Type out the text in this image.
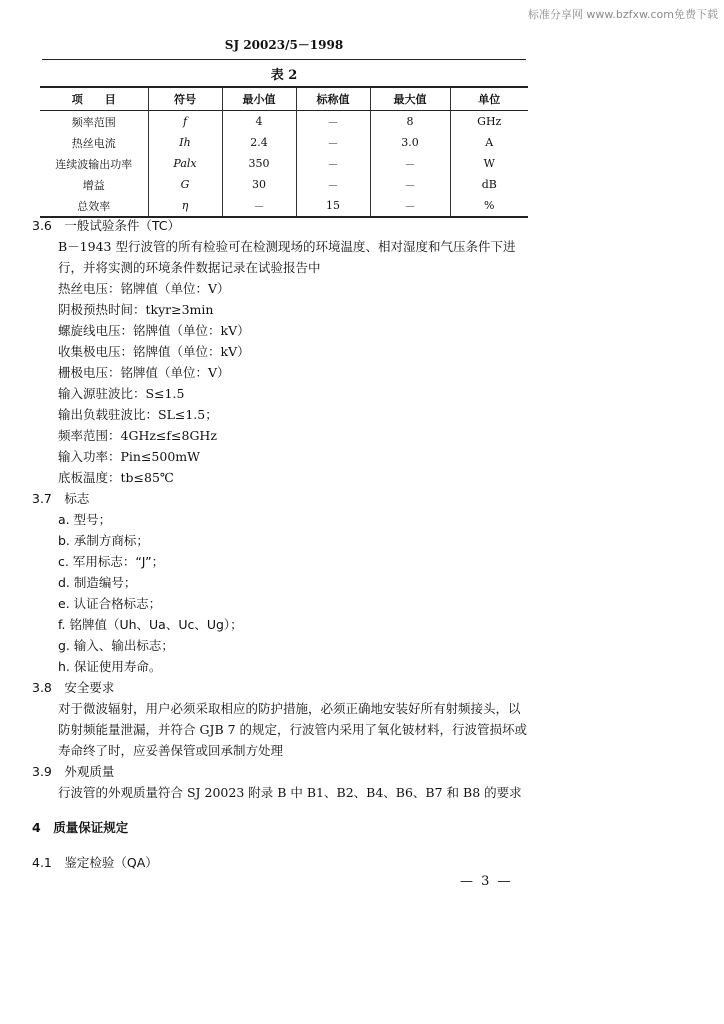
标准分享网 www.bzfxw.com免费下载
SJ 20023/5－1998
表 2
项　　目	符号	最小值	标称值	最大值	单位
频率范围	f	4	－	8	GHz
热丝电流	Ih	2.4	－	3.0	A
连续波输出功率	Palx	350	－	－	W
增益	G	30	－	－	dB
总效率	η	－	15	－	%

3.6　一般试验条件（TC）

B－1943 型行波管的所有检验可在检测现场的环境温度、相对湿度和气压条件下进行，并将实测的环境条件数据记录在试验报告中

热丝电压：铭牌值（单位：V）

阴极预热时间：tkyr≥3min

螺旋线电压：铭牌值（单位：kV）

收集极电压：铭牌值（单位：kV）

栅极电压：铭牌值（单位：V）

输入源驻波比：S≤1.5

输出负载驻波比：SL≤1.5；

频率范围：4GHz≤f≤8GHz

输入功率：Pin≤500mW

底板温度：tb≤85℃

3.7　标志

a. 型号；

b. 承制方商标；

c. 军用标志：“J”；

d. 制造编号；

e. 认证合格标志；

f. 铭牌值（Uh、Ua、Uc、Ug）；

g. 输入、输出标志；

h. 保证使用寿命。

3.8　安全要求

对于微波辐射，用户必须采取相应的防护措施，必须正确地安装好所有射频接头，以防射频能量泄漏，并符合 GJB 7 的规定，行波管内采用了氧化铍材料，行波管损坏或寿命终了时，应妥善保管或回承制方处理

3.9　外观质量

行波管的外观质量符合 SJ 20023 附录 B 中 B1、B2、B4、B6、B7 和 B8 的要求

4　质量保证规定

4.1　鉴定检验（QA）

— 3 —
